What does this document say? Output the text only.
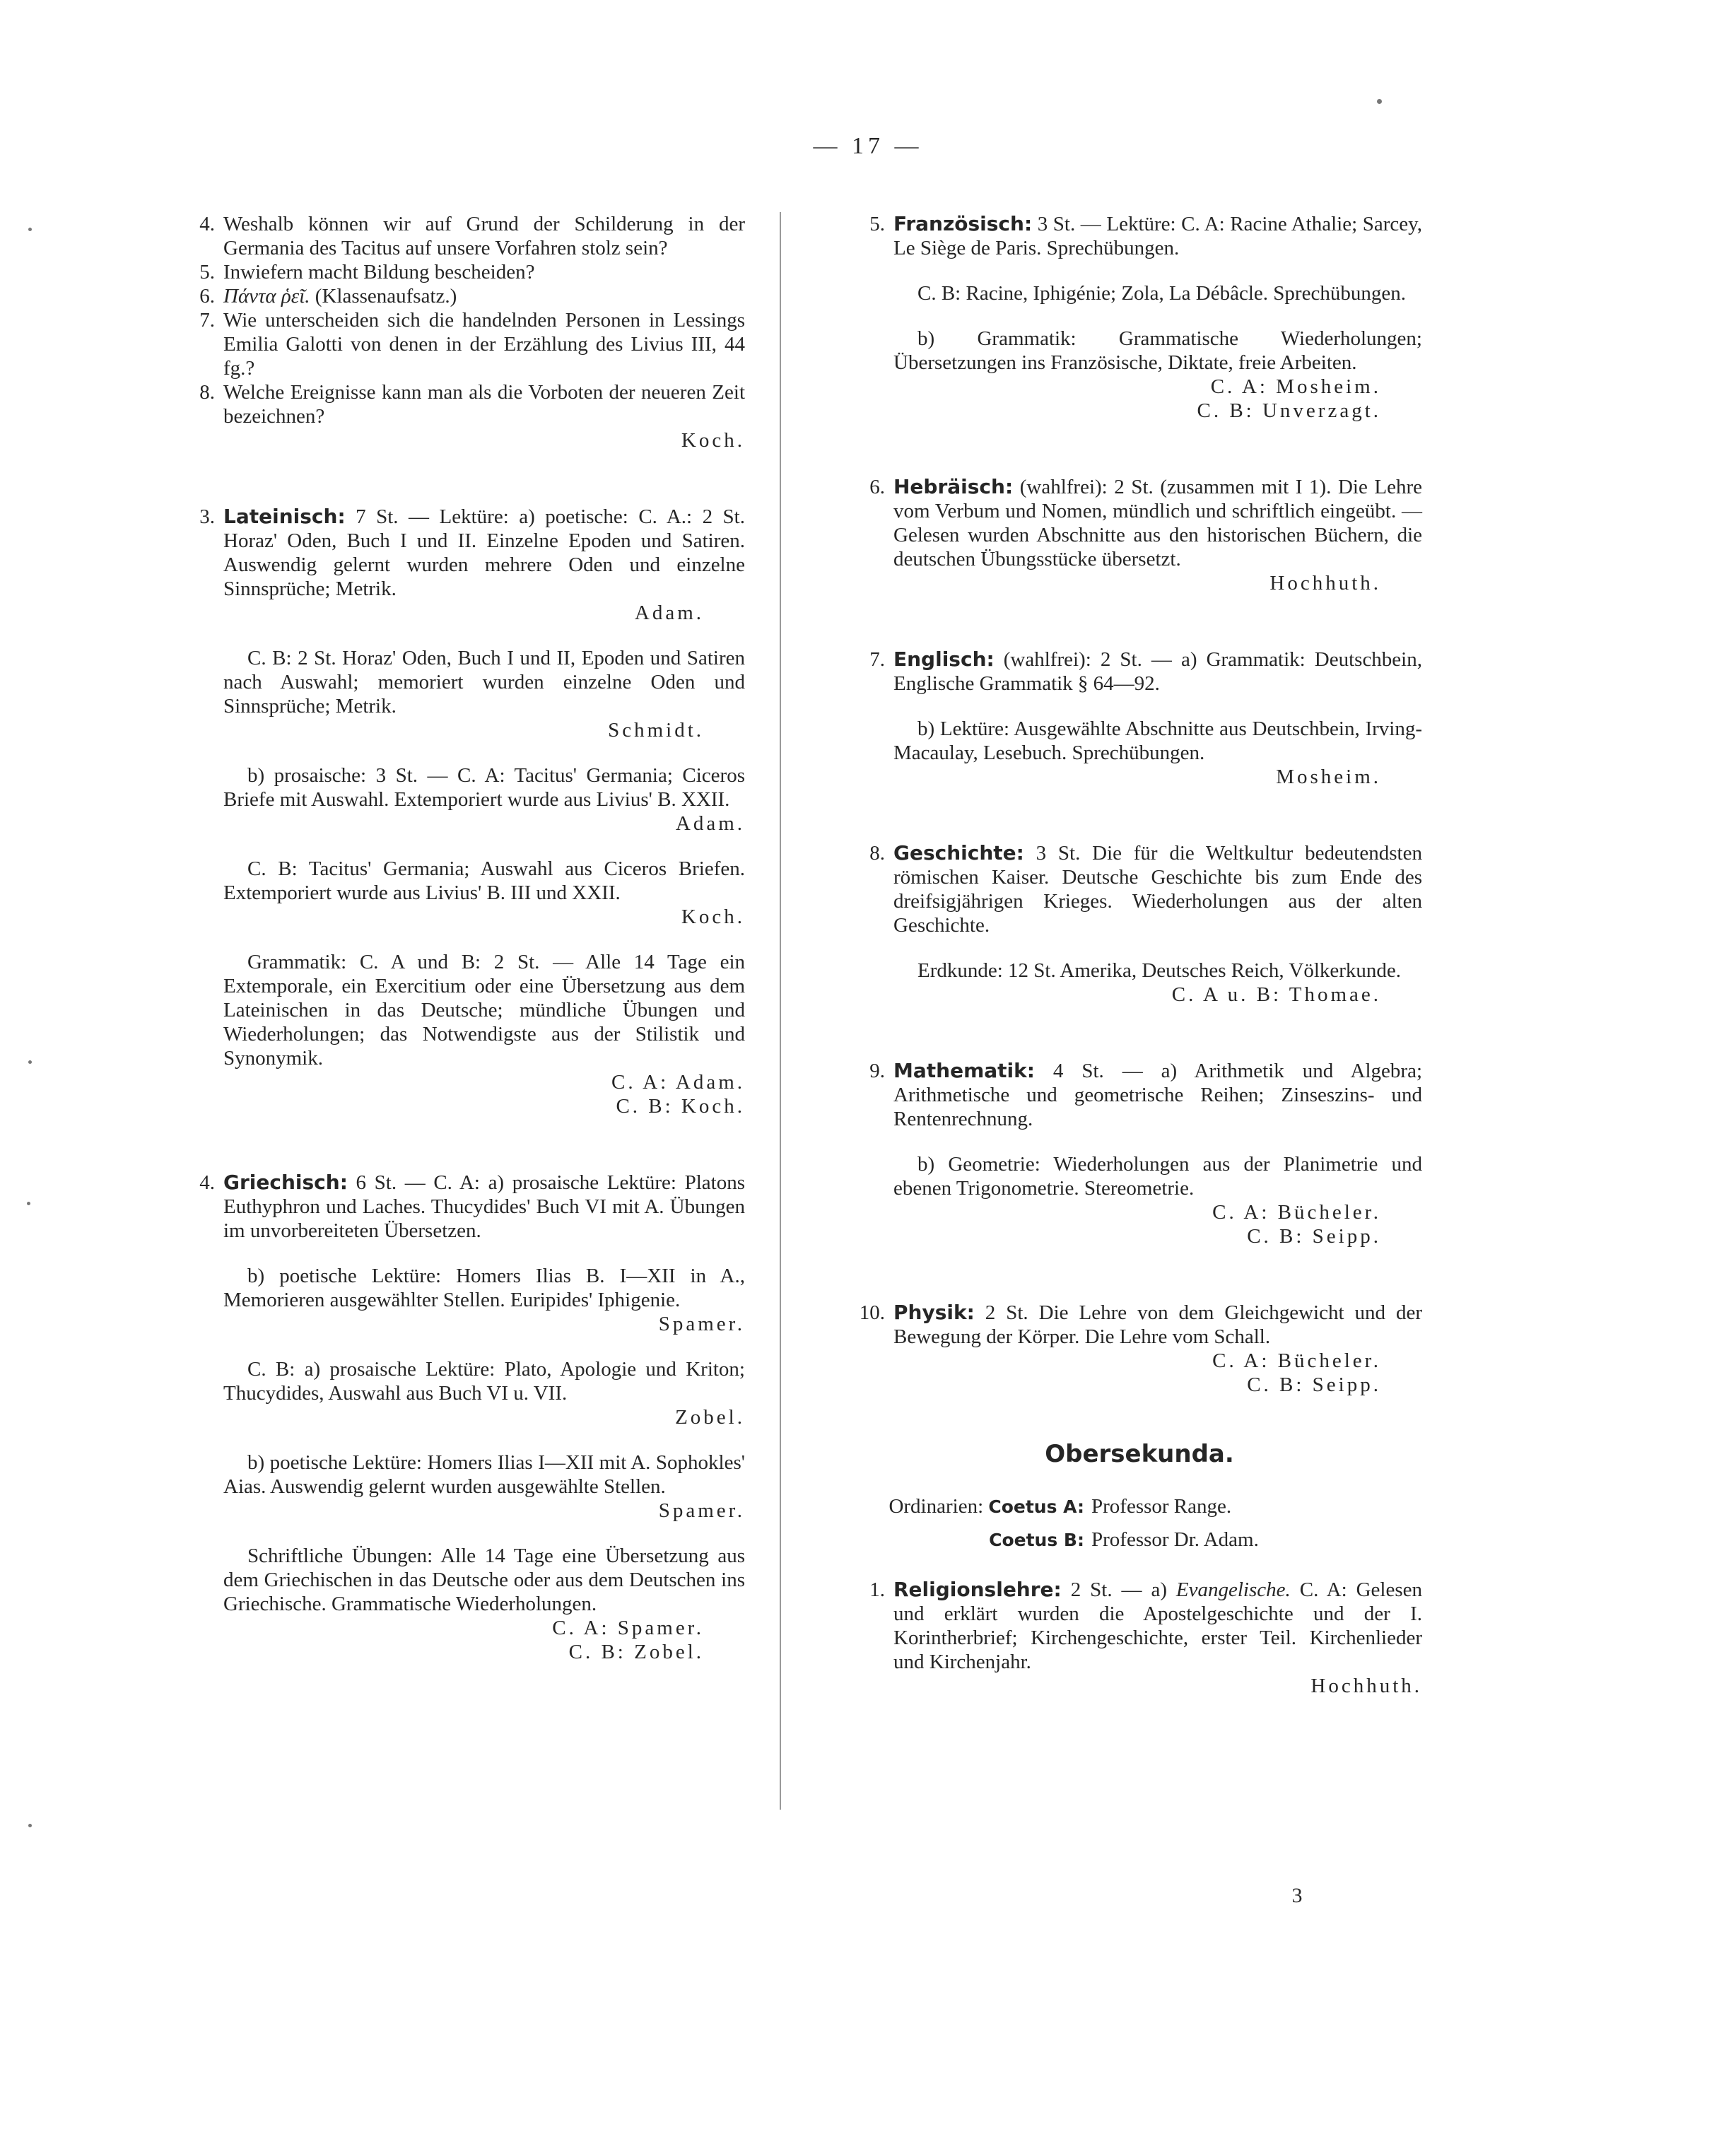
— 17 —
4. Weshalb können wir auf Grund der Schilderung in der Germania des Tacitus auf unsere Vorfahren stolz sein?
5. Inwiefern macht Bildung bescheiden?
6. Πάντα ῥεῖ. (Klassenaufsatz.)
7. Wie unterscheiden sich die handelnden Personen in Lessings Emilia Galotti von denen in der Erzählung des Livius III, 44 fg.?
8. Welche Ereignisse kann man als die Vorboten der neueren Zeit bezeichnen?
Koch.
3. Lateinisch: 7 St. — Lektüre: a) poetische: C. A.: 2 St. Horaz' Oden, Buch I und II. Einzelne Epoden und Satiren. Auswendig gelernt wurden mehrere Oden und einzelne Sinnsprüche; Metrik.
Adam.
C. B: 2 St. Horaz' Oden, Buch I und II, Epoden und Satiren nach Auswahl; memoriert wurden einzelne Oden und Sinnsprüche; Metrik.
Schmidt.
b) prosaische: 3 St. — C. A: Tacitus' Germania; Ciceros Briefe mit Auswahl. Extemporiert wurde aus Livius' B. XXII.
Adam.
C. B: Tacitus' Germania; Auswahl aus Ciceros Briefen. Extemporiert wurde aus Livius' B. III und XXII.
Koch.
Grammatik: C. A und B: 2 St. — Alle 14 Tage ein Extemporale, ein Exercitium oder eine Übersetzung aus dem Lateinischen in das Deutsche; mündliche Übungen und Wiederholungen; das Notwendigste aus der Stilistik und Synonymik.
C. A: Adam.
C. B: Koch.
4. Griechisch: 6 St. — C. A: a) prosaische Lektüre: Platons Euthyphron und Laches. Thucydides' Buch VI mit A. Übungen im unvorbereiteten Übersetzen.
b) poetische Lektüre: Homers Ilias B. I—XII in A., Memorieren ausgewählter Stellen. Euripides' Iphigenie.
Spamer.
C. B: a) prosaische Lektüre: Plato, Apologie und Kriton; Thucydides, Auswahl aus Buch VI u. VII.
Zobel.
b) poetische Lektüre: Homers Ilias I—XII mit A. Sophokles' Aias. Auswendig gelernt wurden ausgewählte Stellen.
Spamer.
Schriftliche Übungen: Alle 14 Tage eine Übersetzung aus dem Griechischen in das Deutsche oder aus dem Deutschen ins Griechische. Grammatische Wiederholungen.
C. A: Spamer.
C. B: Zobel.
5. Französisch: 3 St. — Lektüre: C. A: Racine Athalie; Sarcey, Le Siège de Paris. Sprechübungen.
C. B: Racine, Iphigénie; Zola, La Débâcle. Sprechübungen.
b) Grammatik: Grammatische Wiederholungen; Übersetzungen ins Französische, Diktate, freie Arbeiten.
C. A: Mosheim.
C. B: Unverzagt.
6. Hebräisch: (wahlfrei): 2 St. (zusammen mit I 1). Die Lehre vom Verbum und Nomen, mündlich und schriftlich eingeübt. — Gelesen wurden Abschnitte aus den historischen Büchern, die deutschen Übungsstücke übersetzt.
Hochhuth.
7. Englisch: (wahlfrei): 2 St. — a) Grammatik: Deutschbein, Englische Grammatik § 64—92.
b) Lektüre: Ausgewählte Abschnitte aus Deutschbein, Irving-Macaulay, Lesebuch. Sprechübungen.
Mosheim.
8. Geschichte: 3 St. Die für die Weltkultur bedeutendsten römischen Kaiser. Deutsche Geschichte bis zum Ende des dreifsigjährigen Krieges. Wiederholungen aus der alten Geschichte.
Erdkunde: 12 St. Amerika, Deutsches Reich, Völkerkunde.
C. A u. B: Thomae.
9. Mathematik: 4 St. — a) Arithmetik und Algebra; Arithmetische und geometrische Reihen; Zinseszins- und Rentenrechnung.
b) Geometrie: Wiederholungen aus der Planimetrie und ebenen Trigonometrie. Stereometrie.
C. A: Bücheler.
C. B: Seipp.
10. Physik: 2 St. Die Lehre von dem Gleichgewicht und der Bewegung der Körper. Die Lehre vom Schall.
C. A: Bücheler.
C. B: Seipp.
Obersekunda.
Ordinarien: Coetus A: Professor Range.
Coetus B: Professor Dr. Adam.
1. Religionslehre: 2 St. — a) Evangelische. C. A: Gelesen und erklärt wurden die Apostelgeschichte und der I. Korintherbrief; Kirchengeschichte, erster Teil. Kirchenlieder und Kirchenjahr.
Hochhuth.
3
